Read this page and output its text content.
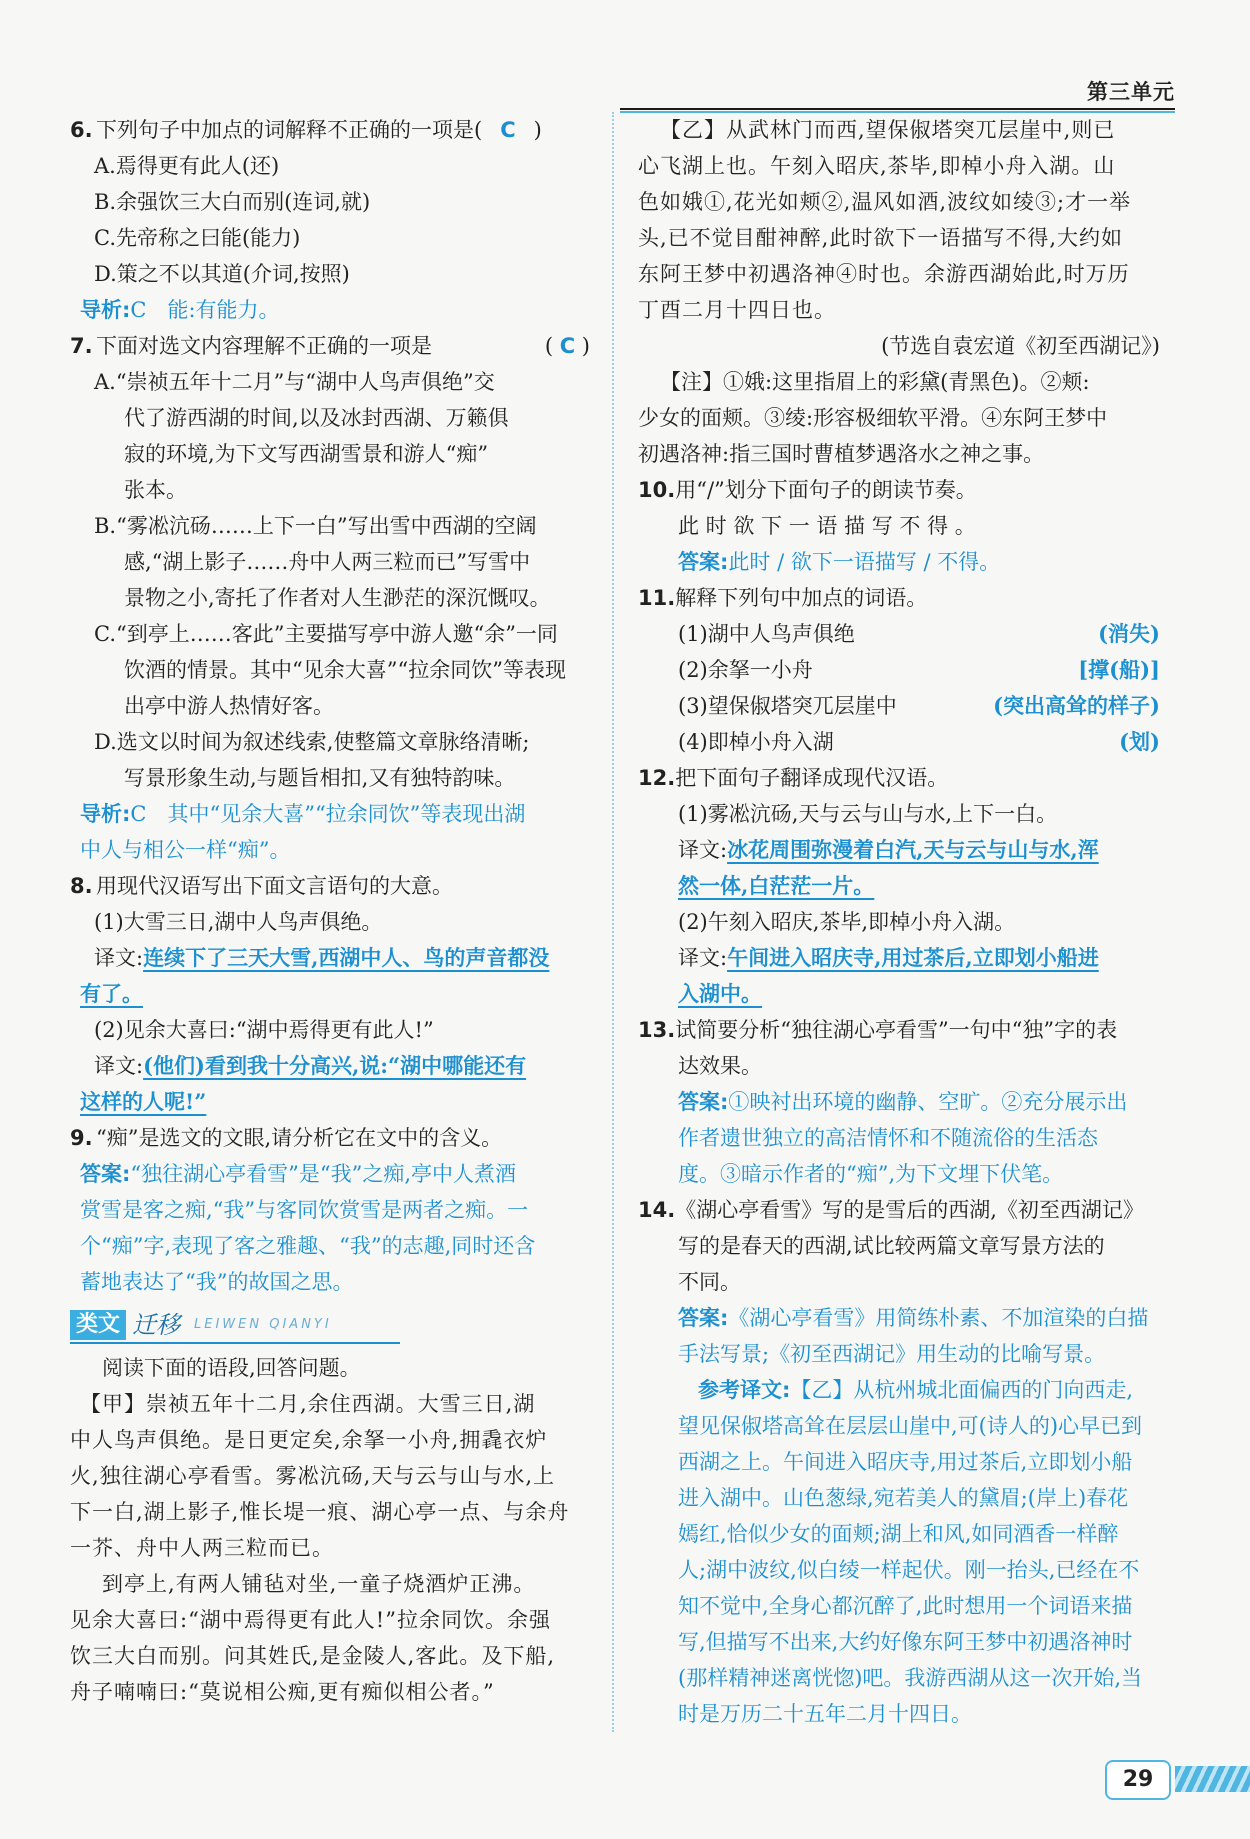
第三单元
6. 下列句子中加点的词解释不正确的一项是( C )

A.焉得更有此人(还)

B.余强饮三大白而别(连词,就)

C.先帝称之曰能(能力)

D.策之不以其道(介词,按照)

导析:C　能:有能力。

7. 下面对选文内容理解不正确的一项是	( C )

A.“崇祯五年十二月”与“湖中人鸟声俱绝”交

代了游西湖的时间,以及冰封西湖、万籁俱

寂的环境,为下文写西湖雪景和游人“痴”

张本。

B.“雾凇沆砀……上下一白”写出雪中西湖的空阔

感,“湖上影子……舟中人两三粒而已”写雪中

景物之小,寄托了作者对人生渺茫的深沉慨叹。

C.“到亭上……客此”主要描写亭中游人邀“余”一同

饮酒的情景。其中“见余大喜”“拉余同饮”等表现

出亭中游人热情好客。

D.选文以时间为叙述线索,使整篇文章脉络清晰;

写景形象生动,与题旨相扣,又有独特韵味。

导析:C　其中“见余大喜”“拉余同饮”等表现出湖

中人与相公一样“痴”。

8. 用现代汉语写出下面文言语句的大意。

(1)大雪三日,湖中人鸟声俱绝。

译文:连续下了三天大雪,西湖中人、鸟的声音都没

有了。

(2)见余大喜曰:“湖中焉得更有此人!”

译文:(他们)看到我十分高兴,说:“湖中哪能还有

这样的人呢!”

9. “痴”是选文的文眼,请分析它在文中的含义。

答案:“独往湖心亭看雪”是“我”之痴,亭中人煮酒

赏雪是客之痴,“我”与客同饮赏雪是两者之痴。一

个“痴”字,表现了客之雅趣、“我”的志趣,同时还含

蓄地表达了“我”的故国之思。

类文 迁移 LEIWEN QIANYI

阅读下面的语段,回答问题。

【甲】崇祯五年十二月,余住西湖。大雪三日,湖

中人鸟声俱绝。是日更定矣,余拏一小舟,拥毳衣炉

火,独往湖心亭看雪。雾凇沆砀,天与云与山与水,上

下一白,湖上影子,惟长堤一痕、湖心亭一点、与余舟

一芥、舟中人两三粒而已。

到亭上,有两人铺毡对坐,一童子烧酒炉正沸。

见余大喜曰:“湖中焉得更有此人!”拉余同饮。余强

饮三大白而别。问其姓氏,是金陵人,客此。及下船,

舟子喃喃曰:“莫说相公痴,更有痴似相公者。”

【乙】从武林门而西,望保俶塔突兀层崖中,则已

心飞湖上也。午刻入昭庆,茶毕,即棹小舟入湖。山

色如娥①,花光如颊②,温风如酒,波纹如绫③;才一举

头,已不觉目酣神醉,此时欲下一语描写不得,大约如

东阿王梦中初遇洛神④时也。余游西湖始此,时万历

丁酉二月十四日也。

(节选自袁宏道《初至西湖记》)

【注】①娥:这里指眉上的彩黛(青黑色)。②颊:

少女的面颊。③绫:形容极细软平滑。④东阿王梦中

初遇洛神:指三国时曹植梦遇洛水之神之事。

10. 用“/”划分下面句子的朗读节奏。

此 时 欲 下 一 语 描 写 不 得 。

答案:此时 / 欲下一语描写 / 不得。

11. 解释下列句中加点的词语。
(1)湖中人鸟声俱绝	(消失)
(2)余拏一小舟	[撑(船)]
(3)望保俶塔突兀层崖中	(突出高耸的样子)
(4)即棹小舟入湖	(划)
12. 把下面句子翻译成现代汉语。

(1)雾凇沆砀,天与云与山与水,上下一白。

译文:冰花周围弥漫着白汽,天与云与山与水,浑

然一体,白茫茫一片。

(2)午刻入昭庆,茶毕,即棹小舟入湖。

译文:午间进入昭庆寺,用过茶后,立即划小船进

入湖中。

13. 试简要分析“独往湖心亭看雪”一句中“独”字的表

达效果。

答案:①映衬出环境的幽静、空旷。②充分展示出

作者遗世独立的高洁情怀和不随流俗的生活态

度。③暗示作者的“痴”,为下文埋下伏笔。

14. 《湖心亭看雪》写的是雪后的西湖,《初至西湖记》

写的是春天的西湖,试比较两篇文章写景方法的

不同。

答案:《湖心亭看雪》用简练朴素、不加渲染的白描

手法写景;《初至西湖记》用生动的比喻写景。

参考译文:【乙】从杭州城北面偏西的门向西走,

望见保俶塔高耸在层层山崖中,可(诗人的)心早已到

西湖之上。午间进入昭庆寺,用过茶后,立即划小船

进入湖中。山色葱绿,宛若美人的黛眉;(岸上)春花

嫣红,恰似少女的面颊;湖上和风,如同酒香一样醉

人;湖中波纹,似白绫一样起伏。刚一抬头,已经在不

知不觉中,全身心都沉醉了,此时想用一个词语来描

写,但描写不出来,大约好像东阿王梦中初遇洛神时

(那样精神迷离恍惚)吧。我游西湖从这一次开始,当

时是万历二十五年二月十四日。

29
